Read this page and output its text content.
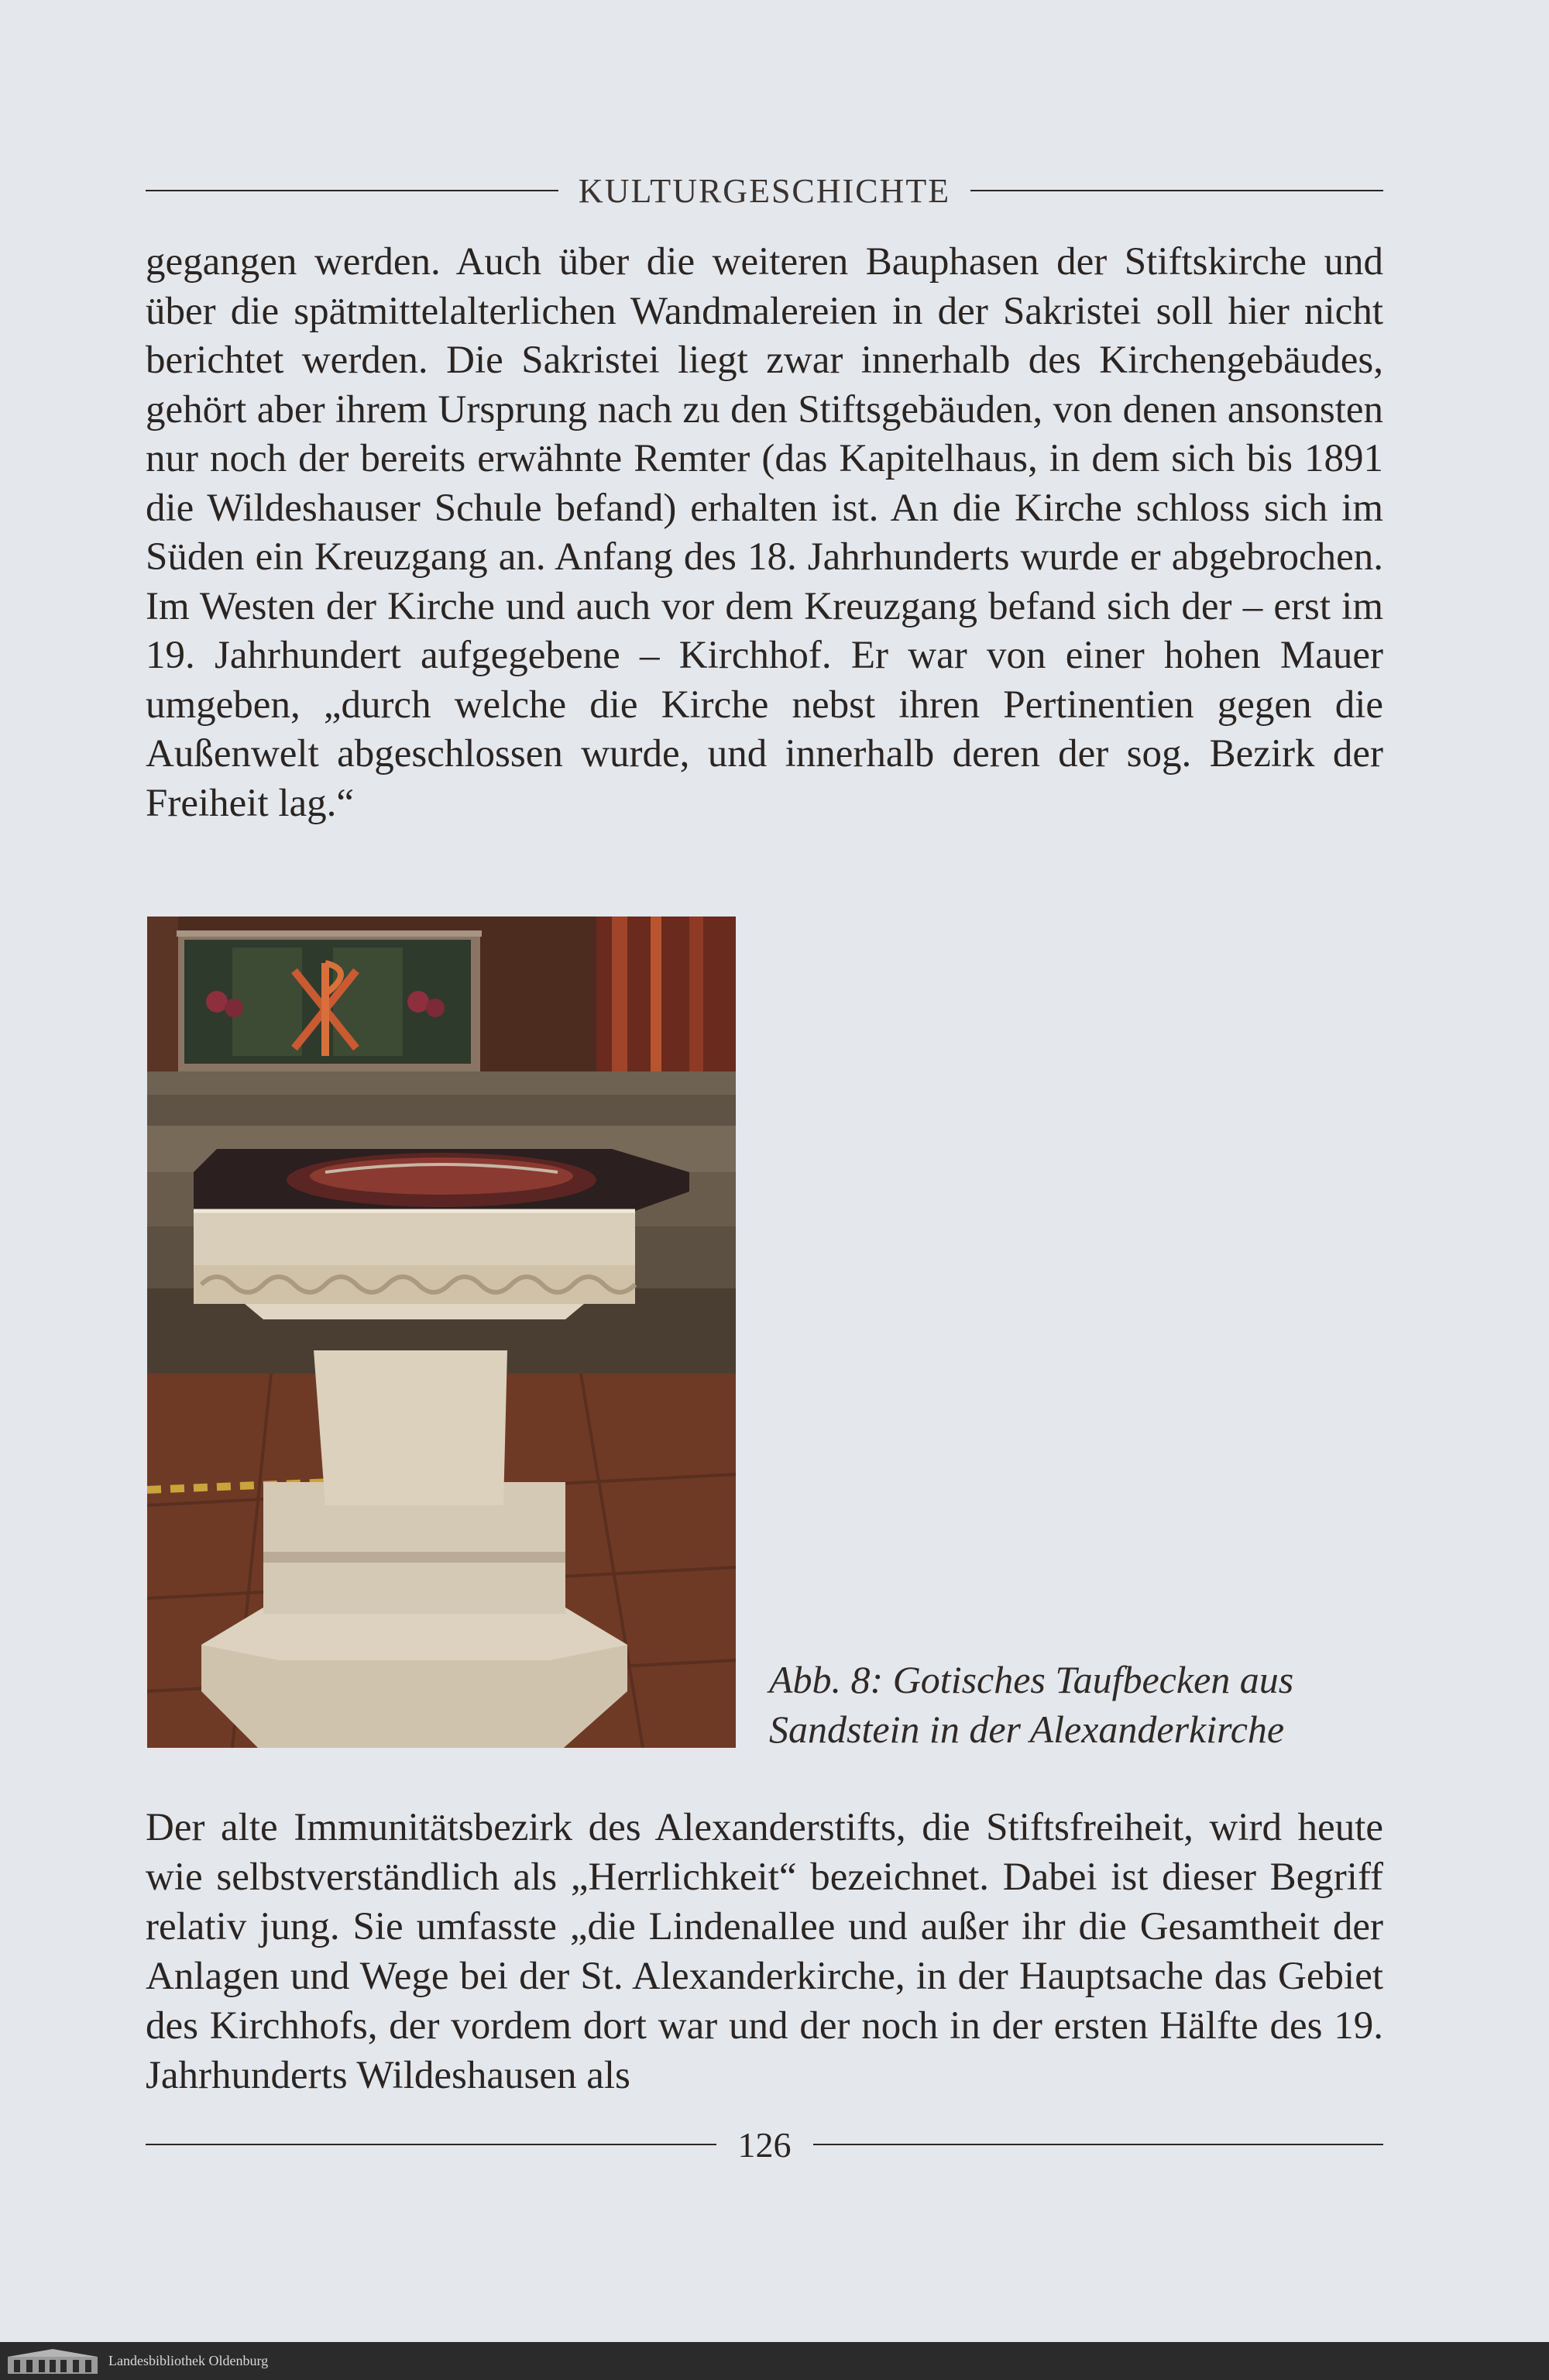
KULTURGESCHICHTE

gegangen werden. Auch über die weiteren Bauphasen der Stiftskirche und über die spätmittelalterlichen Wandmalereien in der Sakristei soll hier nicht berichtet werden. Die Sakristei liegt zwar innerhalb des Kirchengebäudes, gehört aber ihrem Ursprung nach zu den Stiftsgebäuden, von denen ansonsten nur noch der bereits erwähnte Remter (das Kapitelhaus, in dem sich bis 1891 die Wildeshauser Schule befand) erhalten ist. An die Kirche schloss sich im Süden ein Kreuzgang an. Anfang des 18. Jahrhunderts wurde er abgebrochen. Im Westen der Kirche und auch vor dem Kreuzgang befand sich der – erst im 19. Jahrhundert aufgegebene – Kirchhof. Er war von einer hohen Mauer umgeben, „durch welche die Kirche nebst ihren Pertinentien gegen die Außenwelt abgeschlossen wurde, und innerhalb deren der sog. Bezirk der Freiheit lag.“

Abb. 8: Gotisches Taufbecken aus
Sandstein in der Alexanderkirche

Der alte Immunitätsbezirk des Alexanderstifts, die Stiftsfreiheit, wird heute wie selbstverständlich als „Herrlichkeit“ bezeichnet. Dabei ist dieser Begriff relativ jung. Sie umfasste „die Lindenallee und außer ihr die Gesamtheit der Anlagen und Wege bei der St. Alexanderkirche, in der Hauptsache das Gebiet des Kirchhofs, der vordem dort war und der noch in der ersten Hälfte des 19. Jahrhunderts Wildeshausen als

126
Landesbibliothek Oldenburg
